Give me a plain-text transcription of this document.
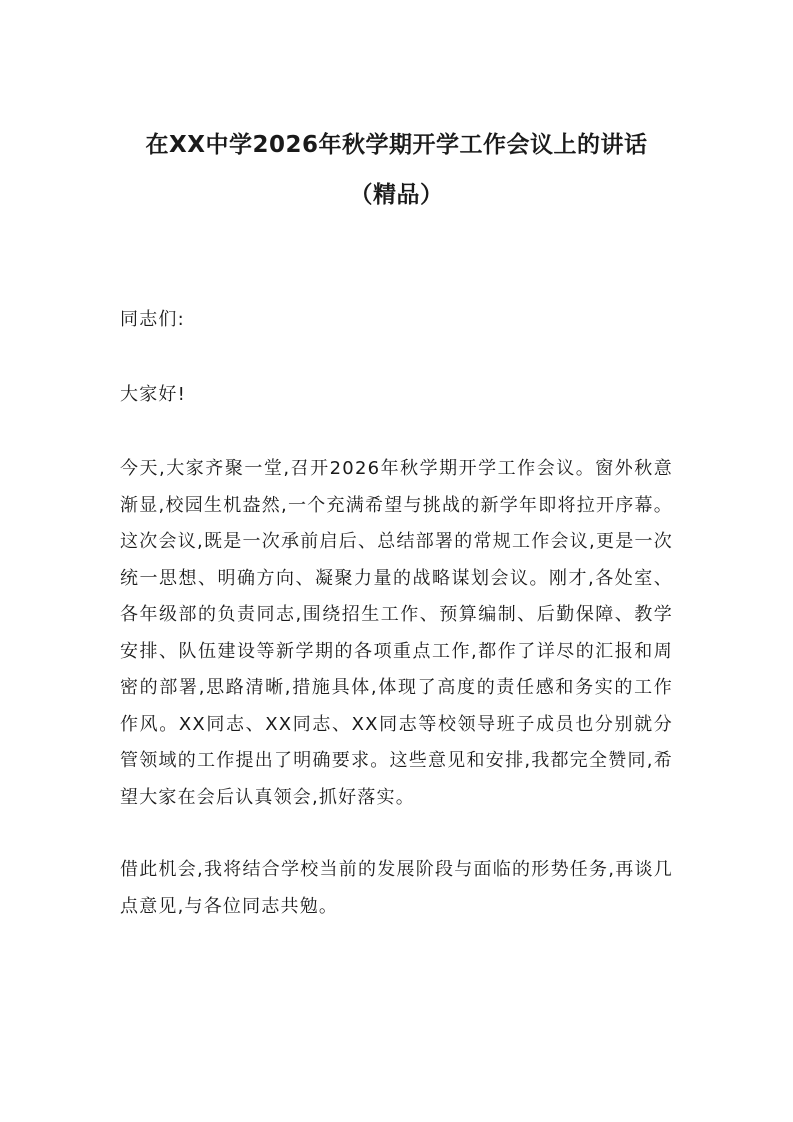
在XX中学2026年秋学期开学工作会议上的讲话
（精品）

同志们:

大家好!

今天,大家齐聚一堂,召开2026年秋学期开学工作会议。窗外秋意渐显,校园生机盎然,一个充满希望与挑战的新学年即将拉开序幕。这次会议,既是一次承前启后、总结部署的常规工作会议,更是一次统一思想、明确方向、凝聚力量的战略谋划会议。刚才,各处室、各年级部的负责同志,围绕招生工作、预算编制、后勤保障、教学安排、队伍建设等新学期的各项重点工作,都作了详尽的汇报和周密的部署,思路清晰,措施具体,体现了高度的责任感和务实的工作作风。XX同志、XX同志、XX同志等校领导班子成员也分别就分管领域的工作提出了明确要求。这些意见和安排,我都完全赞同,希望大家在会后认真领会,抓好落实。

借此机会,我将结合学校当前的发展阶段与面临的形势任务,再谈几点意见,与各位同志共勉。
